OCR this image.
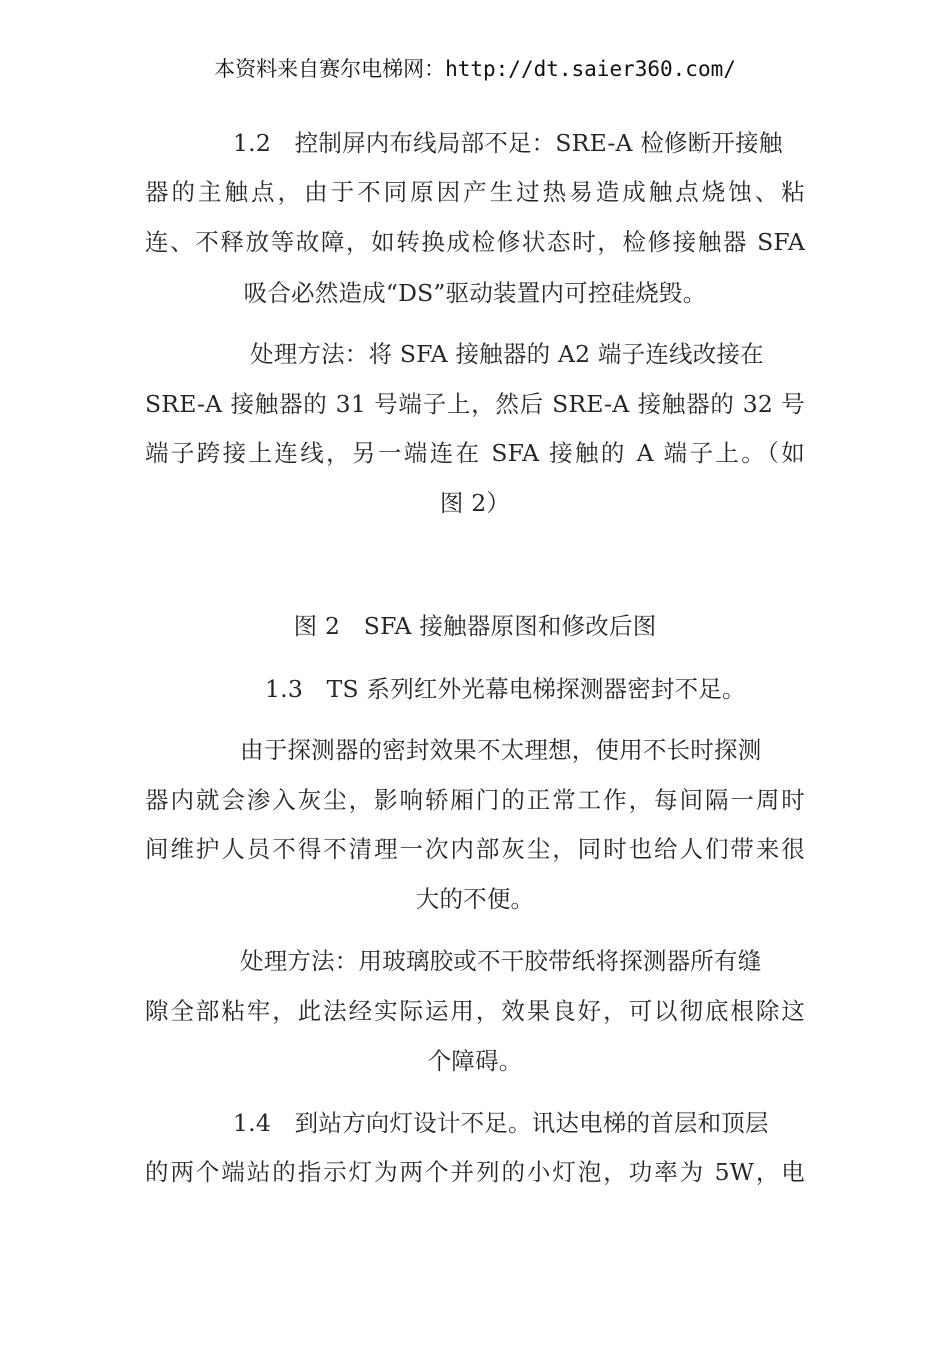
本资料来自赛尔电梯网：http://dt.saier360.com/
1.2　控制屏内布线局部不足：SRE-A 检修断开接触
器的主触点，由于不同原因产生过热易造成触点烧蚀、粘
连、不释放等故障，如转换成检修状态时，检修接触器 SFA
吸合必然造成“DS”驱动装置内可控硅烧毁。
处理方法：将 SFA 接触器的 A2 端子连线改接在
SRE-A 接触器的 31 号端子上，然后 SRE-A 接触器的 32 号
端子跨接上连线，另一端连在 SFA 接触的 A 端子上。（如
图 2）
图 2　SFA 接触器原图和修改后图
1.3　TS 系列红外光幕电梯探测器密封不足。
由于探测器的密封效果不太理想，使用不长时探测
器内就会渗入灰尘，影响轿厢门的正常工作，每间隔一周时
间维护人员不得不清理一次内部灰尘，同时也给人们带来很
大的不便。
处理方法：用玻璃胶或不干胶带纸将探测器所有缝
隙全部粘牢，此法经实际运用，效果良好，可以彻底根除这
个障碍。
1.4　到站方向灯设计不足。讯达电梯的首层和顶层
的两个端站的指示灯为两个并列的小灯泡，功率为 5W，电
